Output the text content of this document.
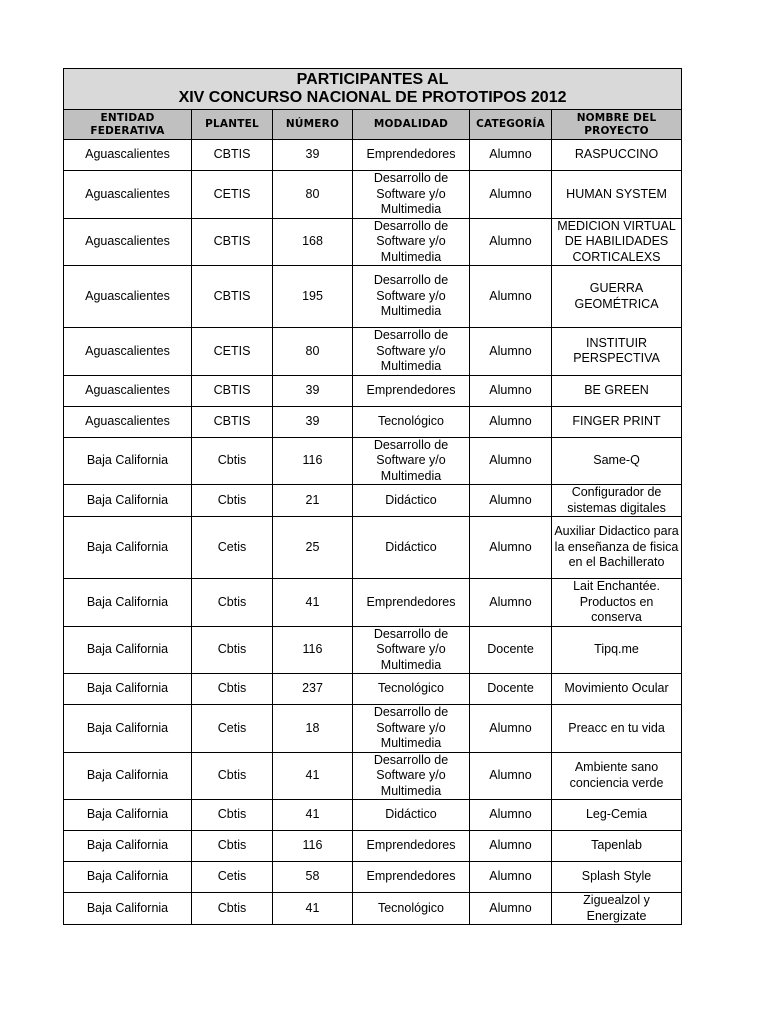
PARTICIPANTES AL
XIV CONCURSO NACIONAL DE PROTOTIPOS 2012					

ENTIDAD FEDERATIVA	PLANTEL	NÚMERO	MODALIDAD	CATEGORÍA	NOMBRE DEL PROYECTO
Aguascalientes	CBTIS	39	Emprendedores	Alumno	RASPUCCINO
Aguascalientes	CETIS	80	Desarrollo de Software y/o Multimedia	Alumno	HUMAN SYSTEM
Aguascalientes	CBTIS	168	Desarrollo de Software y/o Multimedia	Alumno	MEDICION VIRTUAL DE HABILIDADES CORTICALEXS
Aguascalientes	CBTIS	195	Desarrollo de Software y/o Multimedia	Alumno	GUERRA GEOMÉTRICA
Aguascalientes	CETIS	80	Desarrollo de Software y/o Multimedia	Alumno	INSTITUIR PERSPECTIVA
Aguascalientes	CBTIS	39	Emprendedores	Alumno	BE GREEN
Aguascalientes	CBTIS	39	Tecnológico	Alumno	FINGER PRINT
Baja California	Cbtis	116	Desarrollo de Software y/o Multimedia	Alumno	Same-Q
Baja California	Cbtis	21	Didáctico	Alumno	Configurador de sistemas digitales
Baja California	Cetis	25	Didáctico	Alumno	Auxiliar Didactico para la enseñanza de fisica en el Bachillerato
Baja California	Cbtis	41	Emprendedores	Alumno	Lait Enchantée. Productos en conserva
Baja California	Cbtis	116	Desarrollo de Software y/o Multimedia	Docente	Tipq.me
Baja California	Cbtis	237	Tecnológico	Docente	Movimiento Ocular
Baja California	Cetis	18	Desarrollo de Software y/o Multimedia	Alumno	Preacc en tu vida
Baja California	Cbtis	41	Desarrollo de Software y/o Multimedia	Alumno	Ambiente sano conciencia verde
Baja California	Cbtis	41	Didáctico	Alumno	Leg-Cemia
Baja California	Cbtis	116	Emprendedores	Alumno	Tapenlab
Baja California	Cetis	58	Emprendedores	Alumno	Splash Style
Baja California	Cbtis	41	Tecnológico	Alumno	Ziguealzol y Energizate
